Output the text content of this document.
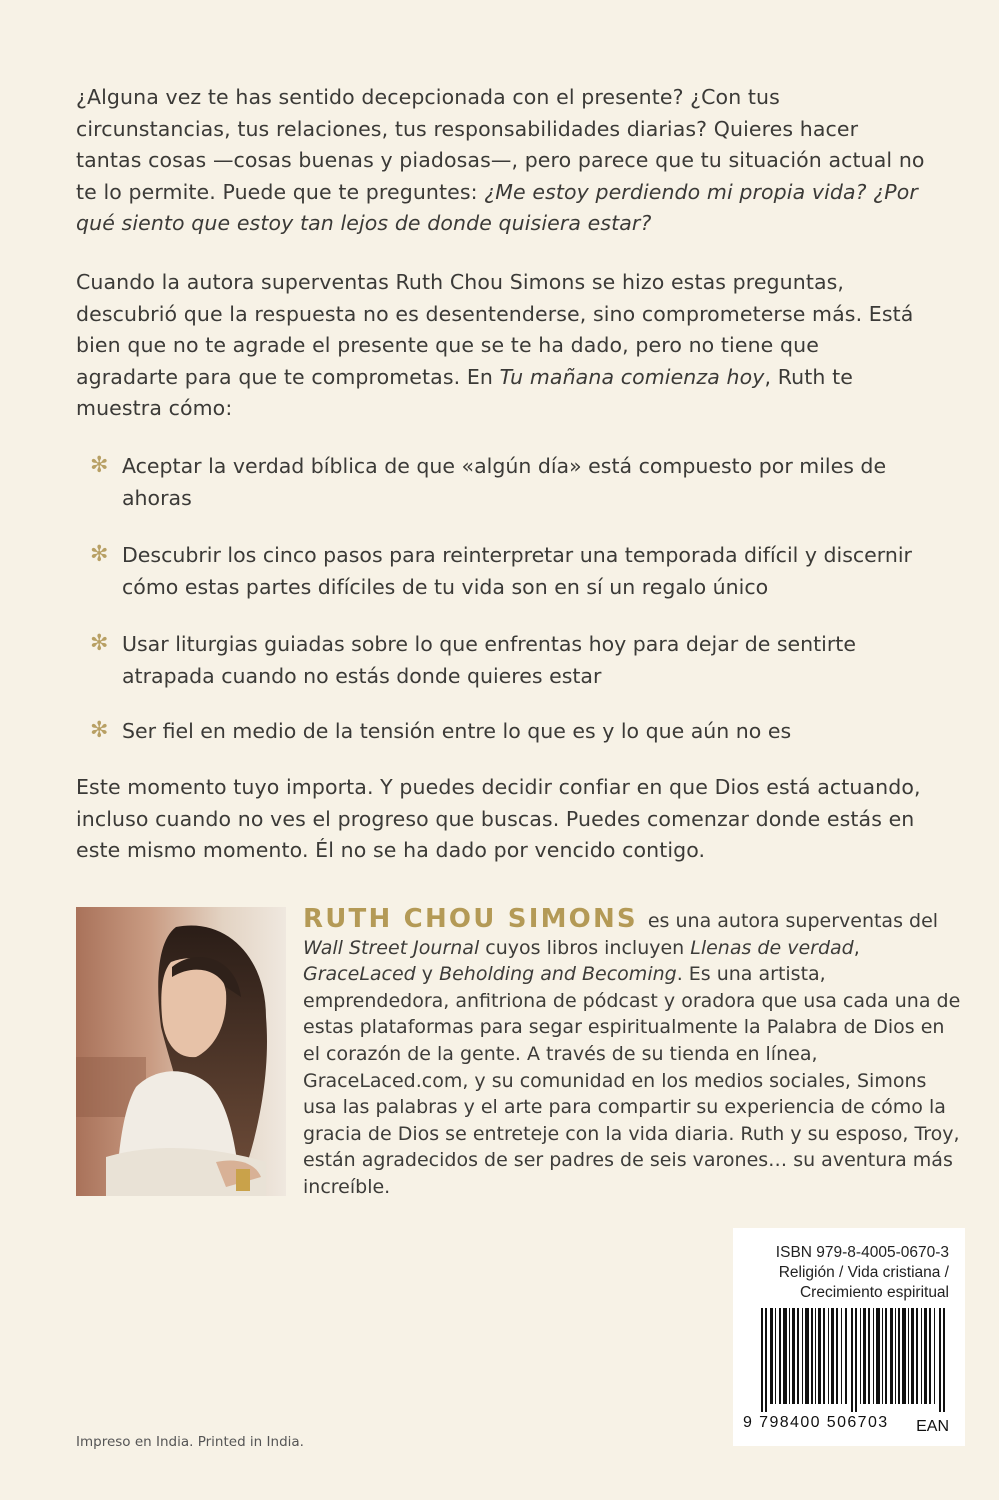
¿Alguna vez te has sentido decepcionada con el presente? ¿Con tus circunstancias, tus relaciones, tus responsabilidades diarias? Quieres hacer tantas cosas —cosas buenas y piadosas—, pero parece que tu situación actual no te lo permite. Puede que te preguntes: ¿Me estoy perdiendo mi propia vida? ¿Por qué siento que estoy tan lejos de donde quisiera estar?

Cuando la autora superventas Ruth Chou Simons se hizo estas preguntas, descubrió que la respuesta no es desentenderse, sino comprometerse más. Está bien que no te agrade el presente que se te ha dado, pero no tiene que agradarte para que te comprometas. En Tu mañana comienza hoy, Ruth te muestra cómo:

✻ Aceptar la verdad bíblica de que «algún día» está compuesto por miles de ahoras
✻ Descubrir los cinco pasos para reinterpretar una temporada difícil y discernir cómo estas partes difíciles de tu vida son en sí un regalo único
✻ Usar liturgias guiadas sobre lo que enfrentas hoy para dejar de sentirte atrapada cuando no estás donde quieres estar
✻ Ser fiel en medio de la tensión entre lo que es y lo que aún no es

Este momento tuyo importa. Y puedes decidir confiar en que Dios está actuando, incluso cuando no ves el progreso que buscas. Puedes comenzar donde estás en este mismo momento. Él no se ha dado por vencido contigo.

RUTH CHOU SIMONS es una autora superventas del Wall Street Journal cuyos libros incluyen Llenas de verdad, GraceLaced y Beholding and Becoming. Es una artista, emprendedora, anfitriona de pódcast y oradora que usa cada una de estas plataformas para segar espiritualmente la Palabra de Dios en el corazón de la gente. A través de su tienda en línea, GraceLaced.com, y su comunidad en los medios sociales, Simons usa las palabras y el arte para compartir su experiencia de cómo la gracia de Dios se entreteje con la vida diaria. Ruth y su esposo, Troy, están agradecidos de ser padres de seis varones… su aventura más increíble.
ISBN 979-8-4005-0670-3
Religión / Vida cristiana /
Crecimiento espiritual
9 798400 506703 EAN
Impreso en India. Printed in India.
